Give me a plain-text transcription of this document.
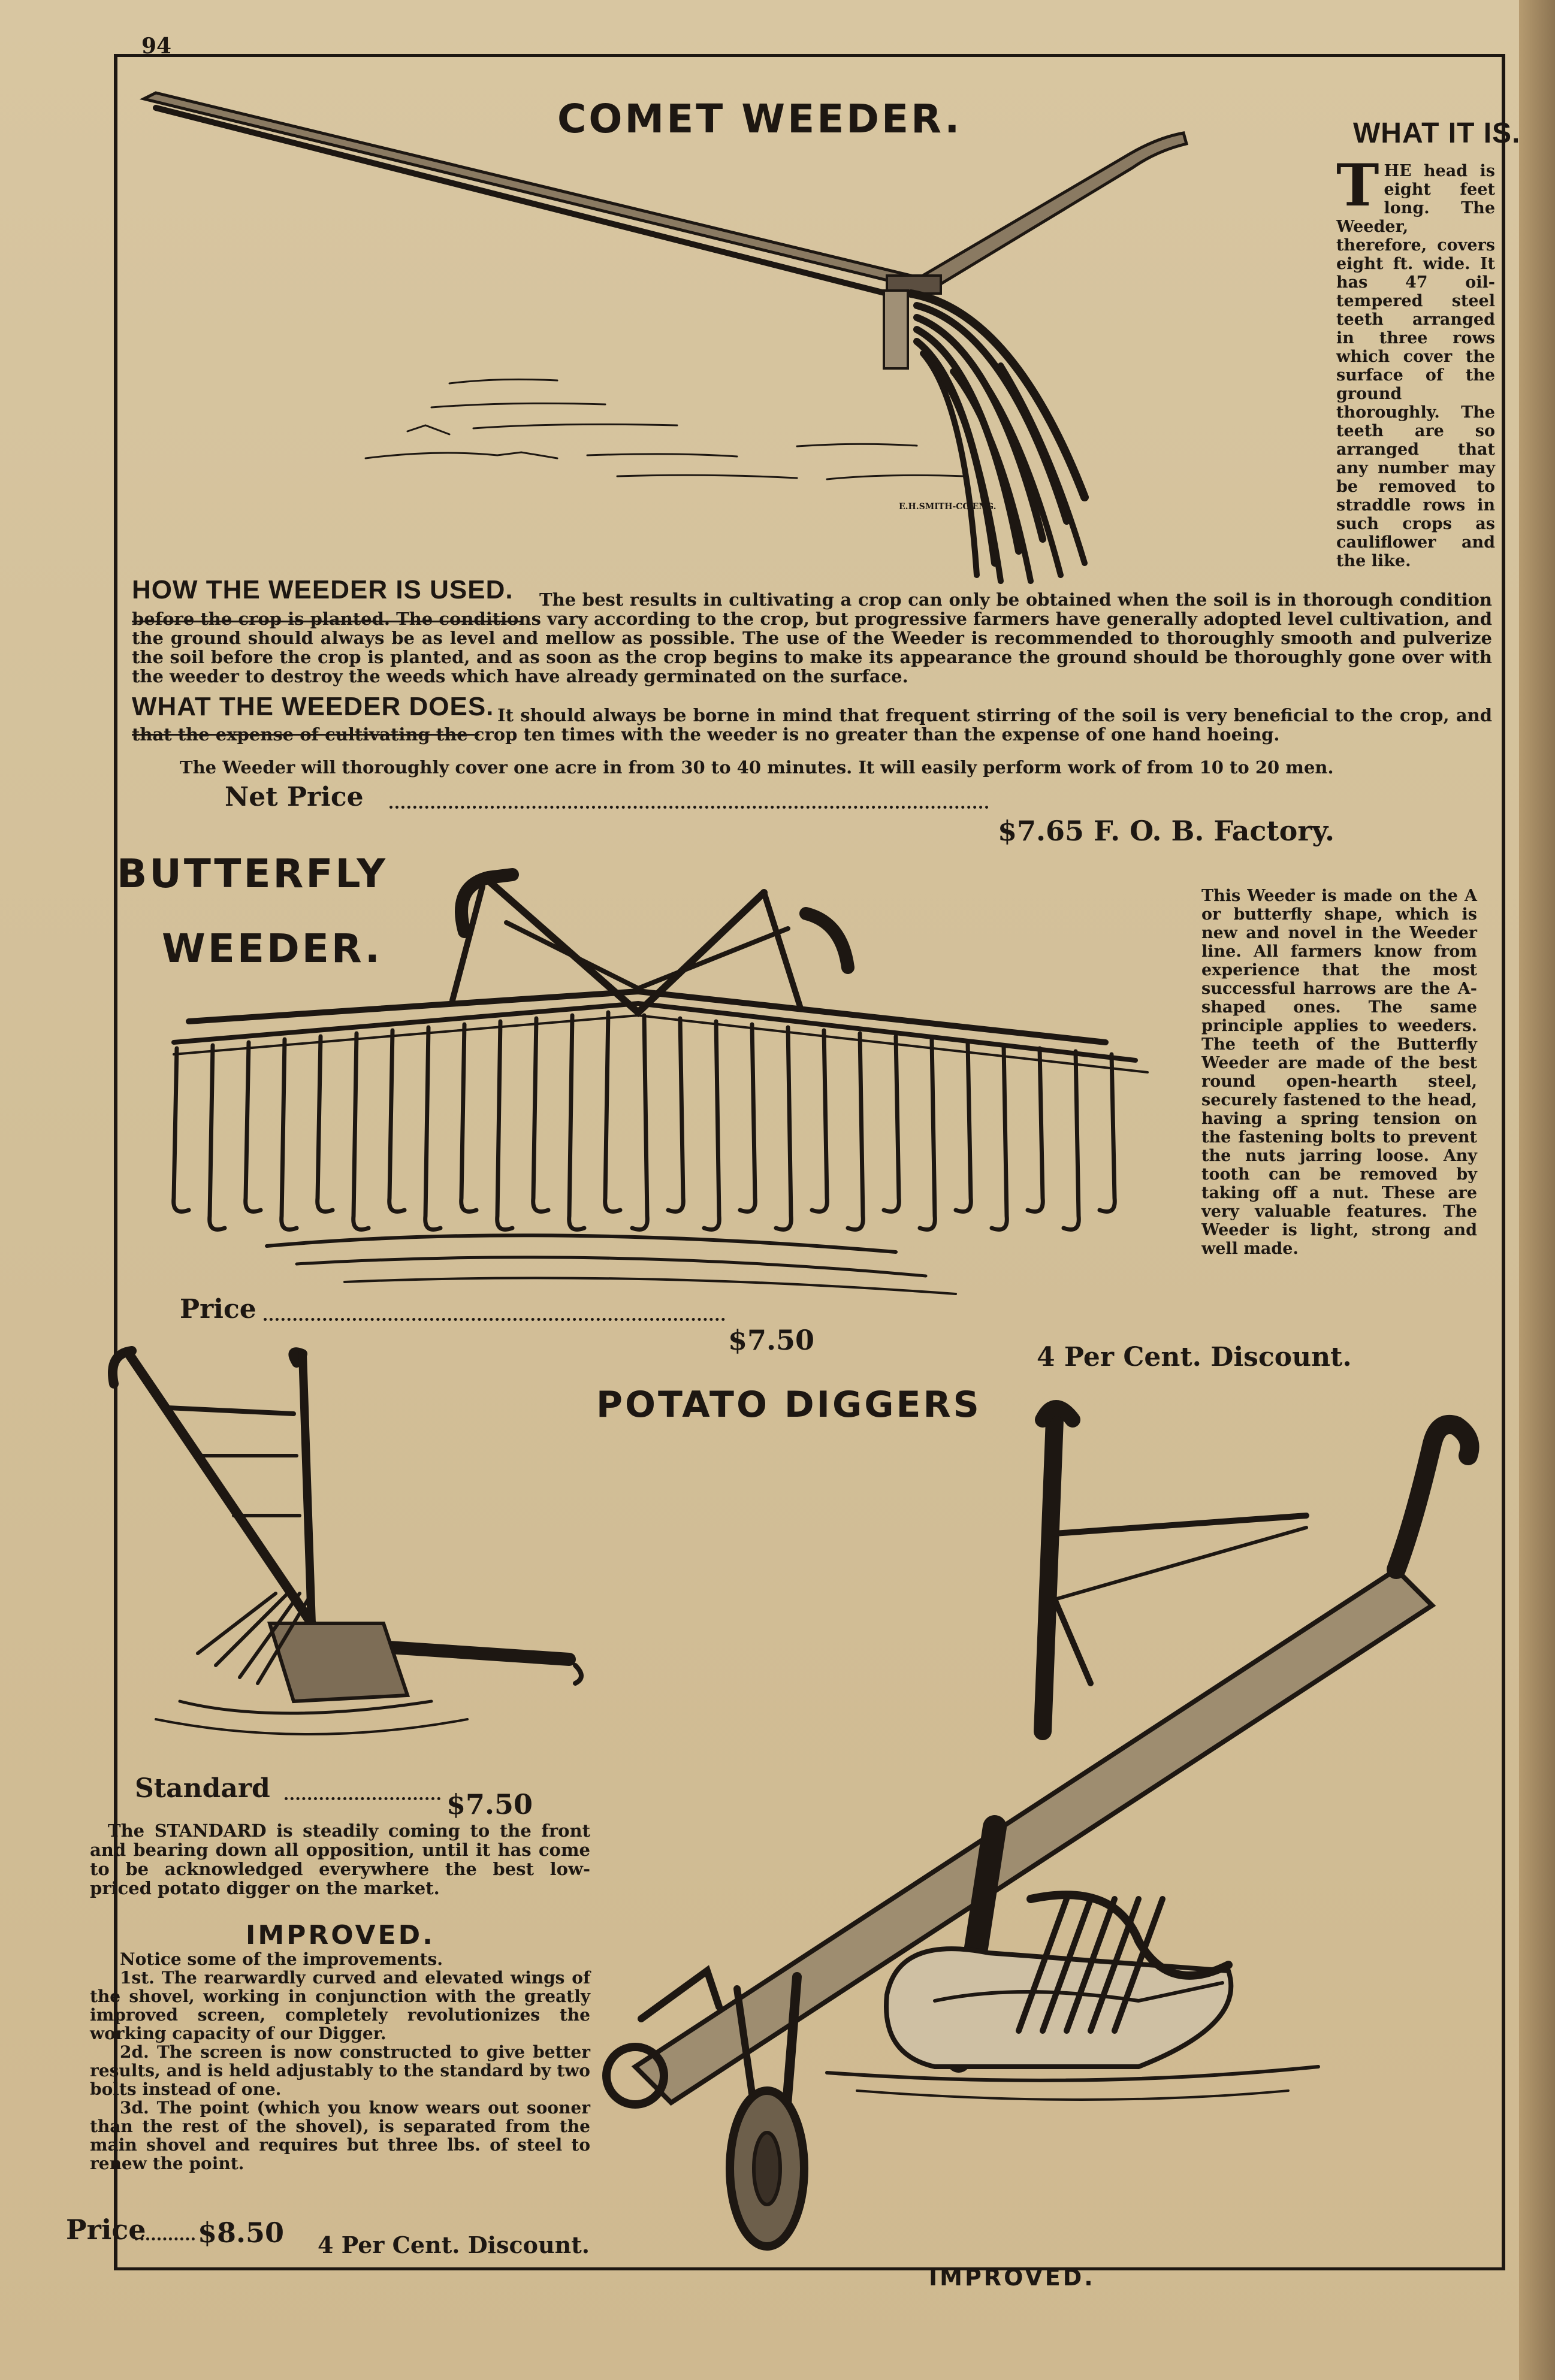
94
COMET WEEDER.
E.H.SMITH-CO.ENG.
WHAT IT IS.
T HE head is eight feet long. The Weeder, therefore, covers eight ft. wide. It has 47 oil-tempered steel teeth arranged in three rows which cover the surface of the ground thoroughly. The teeth are so arranged that any number may be removed to straddle rows in such crops as cauliflower and the like.
HOW THE WEEDER IS USED.	The best results in cultivating a crop can only be obtained when the soil is in thorough condition before the crop is planted. The conditions vary according to the crop, but progressive farmers have generally adopted level cultivation, and the ground should always be as level and mellow as possible. The use of the Weeder is recommended to thoroughly smooth and pulverize the soil before the crop is planted, and as soon as the crop begins to make its appearance the ground should be thoroughly gone over with the weeder to destroy the weeds which have already germinated on the surface.
WHAT THE WEEDER DOES. It should always be borne in mind that frequent stirring of the soil is very beneficial to the crop, and that the expense of cultivating the crop ten times with the weeder is no greater than the expense of one hand hoeing.
The Weeder will thoroughly cover one acre in from 30 to 40 minutes. It will easily perform work of from 10 to 20 men.
Net Price
$7.65 F. O. B. Factory.
BUTTERFLY
WEEDER.
This Weeder is made on the A or butterfly shape, which is new and novel in the Weeder line. All farmers know from experience that the most successful harrows are the A-shaped ones. The same principle applies to weeders. The teeth of the Butterfly Weeder are made of the best round open-hearth steel, securely fastened to the head, having a spring tension on the fastening bolts to prevent the nuts jarring loose. Any tooth can be removed by taking off a nut. These are very valuable features. The Weeder is light, strong and well made.
Price
$7.50
4 Per Cent. Discount.
POTATO DIGGERS
Standard	$7.50
The STANDARD is steadily coming to the front and bearing down all opposition, until it has come to be acknowledged everywhere the best low-priced potato digger on the market.
IMPROVED.
Notice some of the improvements.
1st. The rearwardly curved and elevated wings of the shovel, working in conjunction with the greatly improved screen, completely revolutionizes the working capacity of our Digger.
2d. The screen is now constructed to give better results, and is held adjustably to the standard by two bolts instead of one.
3d. The point (which you know wears out sooner than the rest of the shovel), is separated from the main shovel and requires but three lbs. of steel to renew the point.
Price $8.50 4 Per Cent. Discount.
IMPROVED.
